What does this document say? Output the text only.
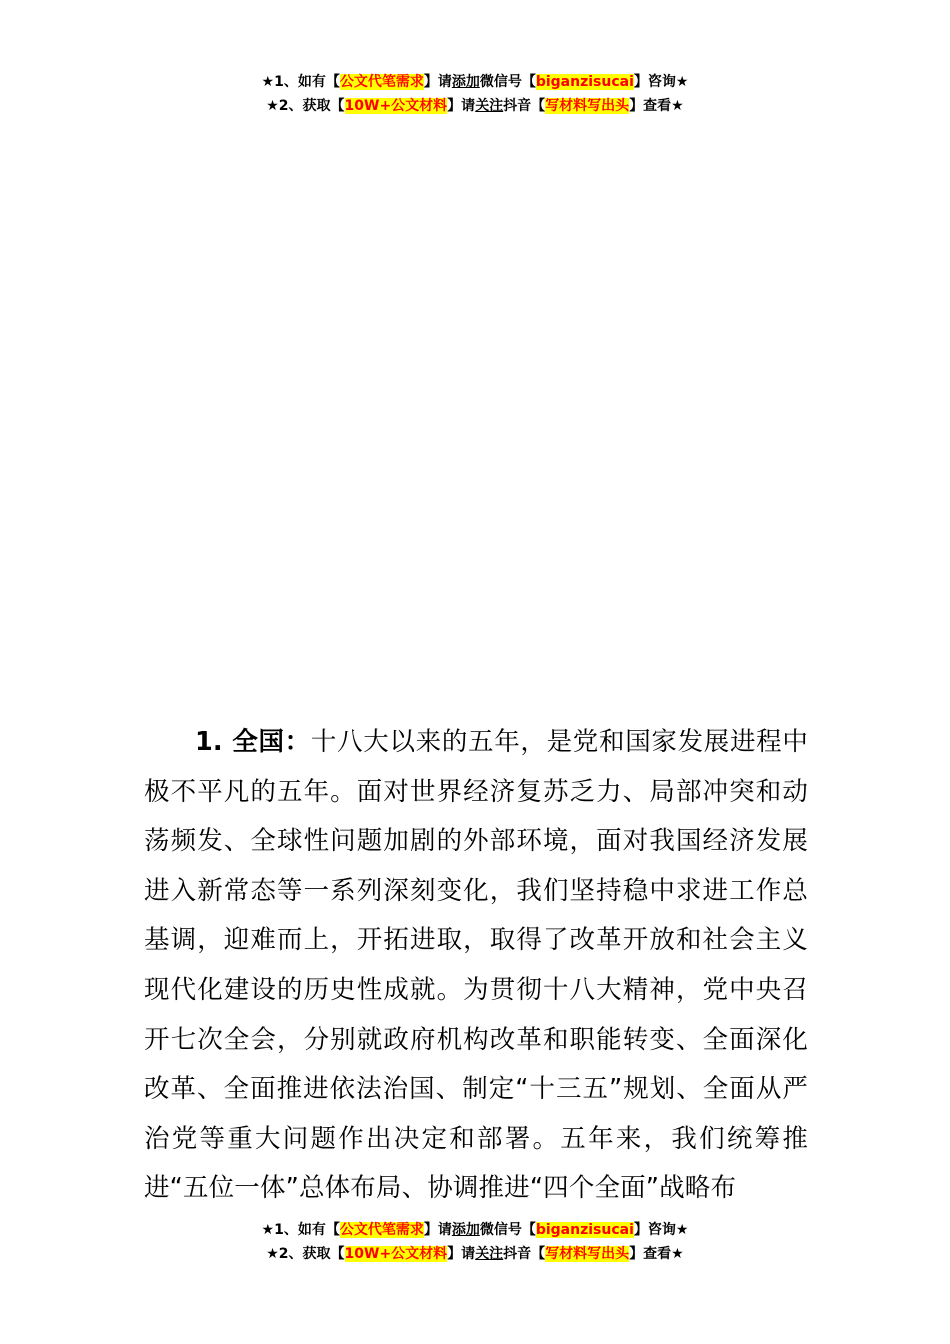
★1、如有【公文代笔需求】请添加微信号【biganzisucai】咨询★
★2、获取【10W+公文材料】请关注抖音【写材料写出头】查看★
1. 全国：十八大以来的五年，是党和国家发展进程中极不平凡的五年。面对世界经济复苏乏力、局部冲突和动荡频发、全球性问题加剧的外部环境，面对我国经济发展进入新常态等一系列深刻变化，我们坚持稳中求进工作总基调，迎难而上，开拓进取，取得了改革开放和社会主义现代化建设的历史性成就。为贯彻十八大精神，党中央召开七次全会，分别就政府机构改革和职能转变、全面深化改革、全面推进依法治国、制定“十三五”规划、全面从严治党等重大问题作出决定和部署。五年来，我们统筹推进“五位一体”总体布局、协调推进“四个全面”战略布
★1、如有【公文代笔需求】请添加微信号【biganzisucai】咨询★
★2、获取【10W+公文材料】请关注抖音【写材料写出头】查看★
